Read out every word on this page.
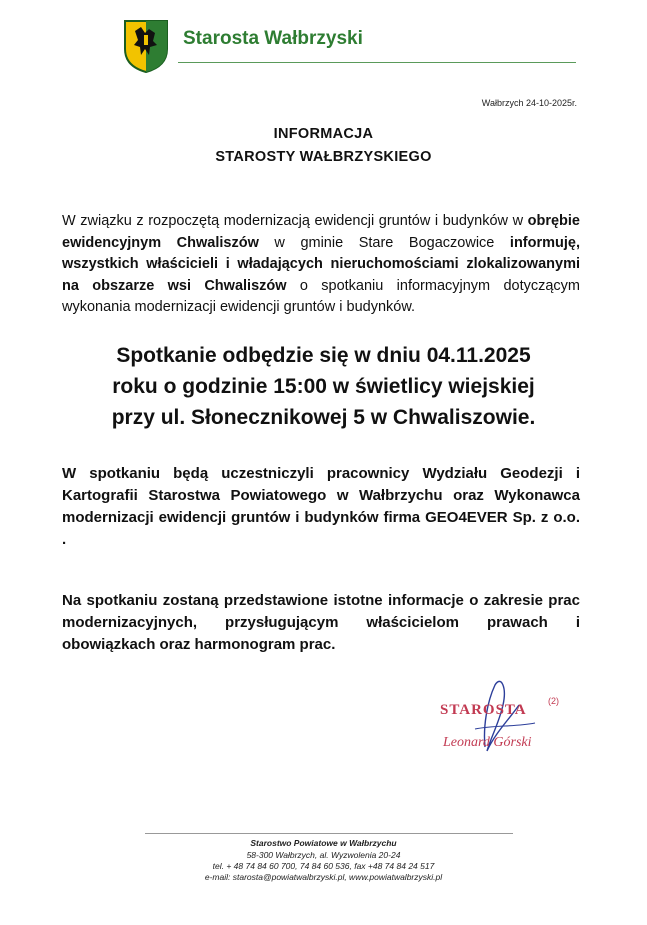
Starosta Wałbrzyski
Wałbrzych 24-10-2025r.
INFORMACJA
STAROSTY WAŁBRZYSKIEGO
W związku z rozpoczętą modernizacją ewidencji gruntów i budynków w obrębie ewidencyjnym Chwaliszów w gminie Stare Bogaczowice informuję, wszystkich właścicieli i władających nieruchomościami zlokalizowanymi na obszarze wsi Chwaliszów o spotkaniu informacyjnym dotyczącym wykonania modernizacji ewidencji gruntów i budynków.
Spotkanie odbędzie się w dniu 04.11.2025
roku o godzinie 15:00 w świetlicy wiejskiej
przy ul. Słonecznikowej 5 w Chwaliszowie.
W spotkaniu będą uczestniczyli pracownicy Wydziału Geodezji i Kartografii Starostwa Powiatowego w Wałbrzychu oraz Wykonawca modernizacji ewidencji gruntów i budynków firma GEO4EVER Sp. z o.o. .
Na spotkaniu zostaną przedstawione istotne informacje o zakresie prac modernizacyjnych, przysługującym właścicielom prawach i obowiązkach oraz harmonogram prac.
STAROSTA
(2)
Leonard Górski
Starostwo Powiatowe w Wałbrzychu
58-300 Wałbrzych, al. Wyzwolenia 20-24
tel. + 48 74 84 60 700, 74 84 60 536, fax +48 74 84 24 517
e-mail: starosta@powiatwalbrzyski.pl, www.powiatwalbrzyski.pl
